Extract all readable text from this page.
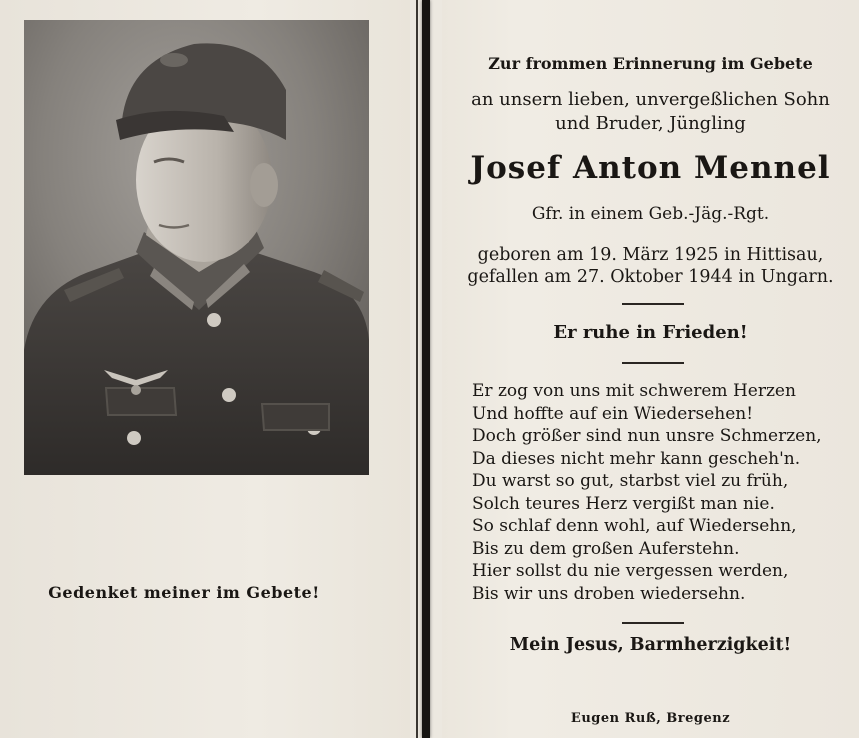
Gedenket meiner im Gebete!
Zur frommen Erinnerung im Gebete
an unsern lieben, unvergeßlichen Sohn
und Bruder, Jüngling
Josef Anton Mennel
Gfr. in einem Geb.-Jäg.-Rgt.
geboren am 19. März 1925 in Hittisau,
gefallen am 27. Oktober 1944 in Ungarn.
Er ruhe in Frieden!
Er zog von uns mit schwerem Herzen
Und hoffte auf ein Wiedersehen!
Doch größer sind nun unsre Schmerzen,
Da dieses nicht mehr kann gescheh'n.
Du warst so gut, starbst viel zu früh,
Solch teures Herz vergißt man nie.
So schlaf denn wohl, auf Wiedersehn,
Bis zu dem großen Auferstehn.
Hier sollst du nie vergessen werden,
Bis wir uns droben wiedersehn.
Mein Jesus, Barmherzigkeit!
Eugen Ruß, Bregenz
